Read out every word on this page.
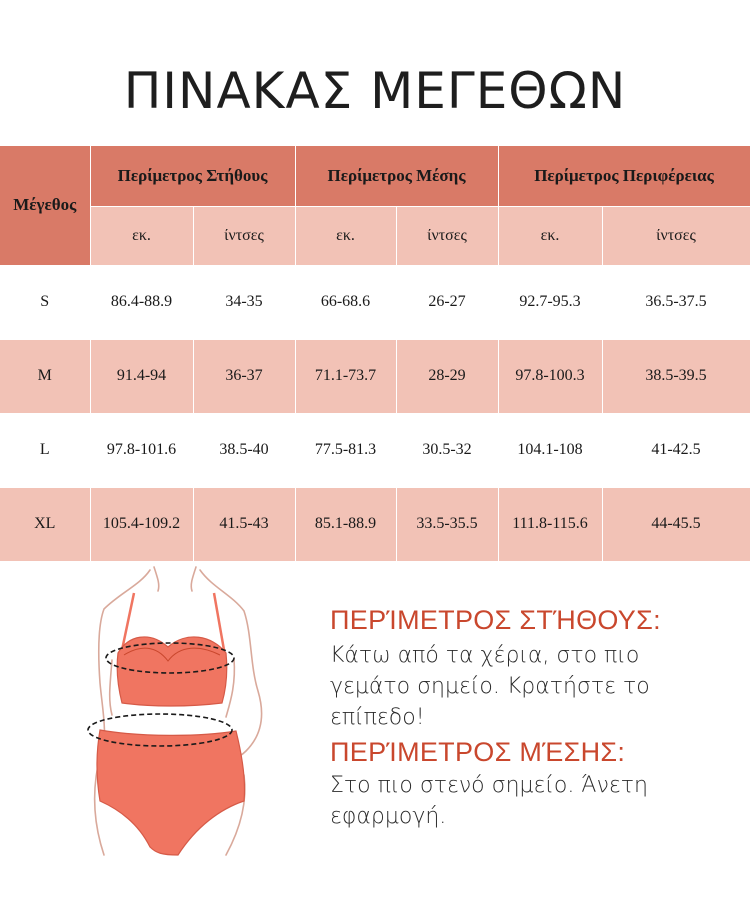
ΠΙΝΑΚΑΣ ΜΕΓΕΘΩΝ
Μέγεθος	Περίμετρος Στήθους		Περίμετρος Μέσης		Περίμετρος Περιφέρειας	
	εκ.	ίντσες	εκ.	ίντσες	εκ.	ίντσες
S	86.4-88.9	34-35	66-68.6	26-27	92.7-95.3	36.5-37.5
M	91.4-94	36-37	71.1-73.7	28-29	97.8-100.3	38.5-39.5
L	97.8-101.6	38.5-40	77.5-81.3	30.5-32	104.1-108	41-42.5
XL	105.4-109.2	41.5-43	85.1-88.9	33.5-35.5	111.8-115.6	44-45.5
ΠΕΡΊΜΕΤΡΟΣ ΣΤΉΘΟΥΣ:
Κάτω από τα χέρια, στο πιο
γεμάτο σημείο. Κρατήστε το
επίπεδο!
ΠΕΡΊΜΕΤΡΟΣ ΜΈΣΗΣ:
Στο πιο στενό σημείο. Άνετη
εφαρμογή.
